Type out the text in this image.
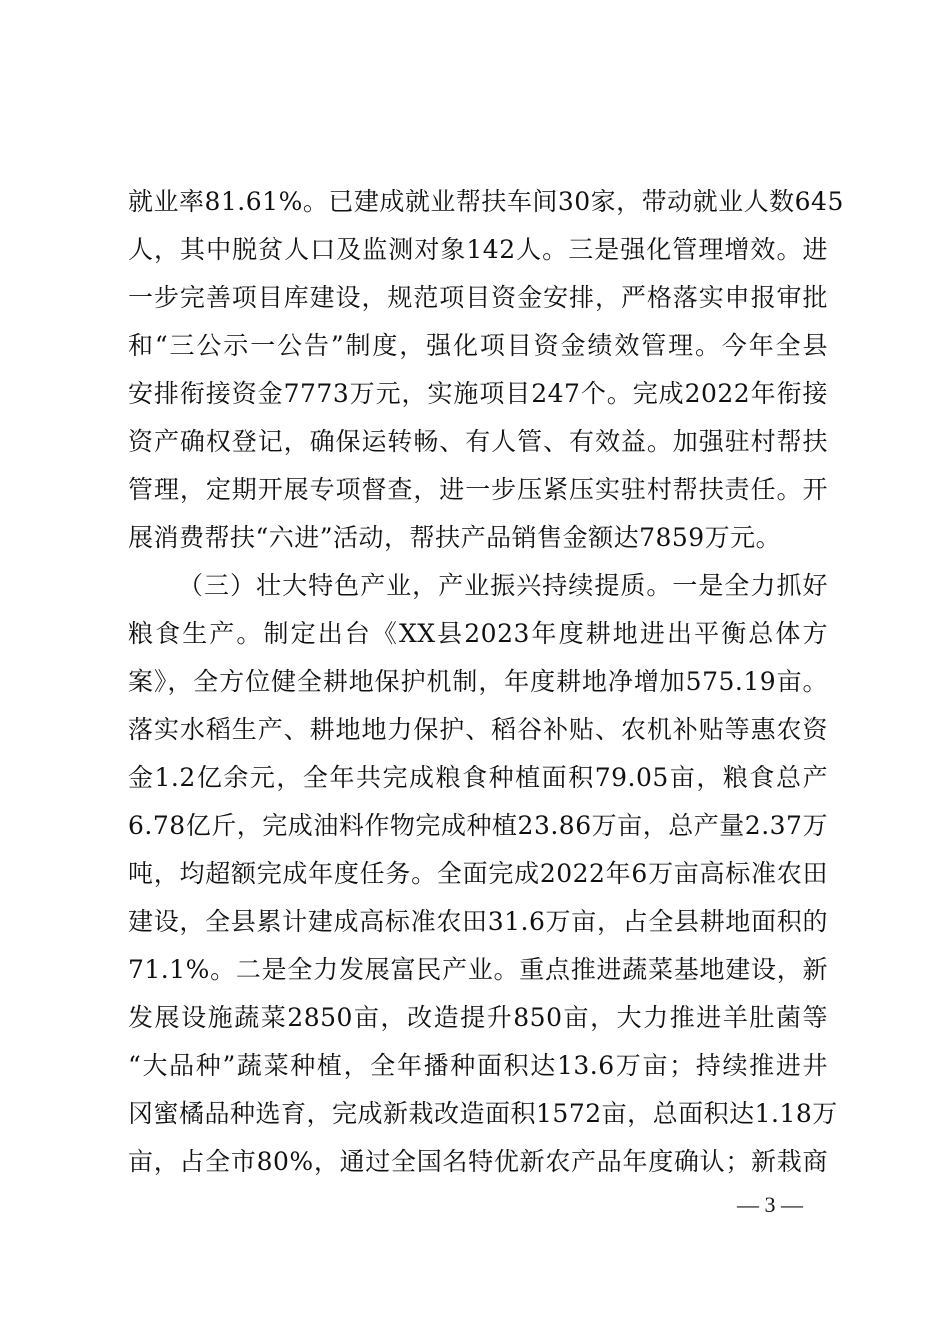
就业率81.61%。已建成就业帮扶车间30家，带动就业人数645
人，其中脱贫人口及监测对象142人。三是强化管理增效。进
一步完善项目库建设，规范项目资金安排，严格落实申报审批
和“三公示一公告”制度，强化项目资金绩效管理。今年全县
安排衔接资金7773万元，实施项目247个。完成2022年衔接
资产确权登记，确保运转畅、有人管、有效益。加强驻村帮扶
管理，定期开展专项督查，进一步压紧压实驻村帮扶责任。开
展消费帮扶“六进”活动，帮扶产品销售金额达7859万元。
（三）壮大特色产业，产业振兴持续提质。一是全力抓好
粮食生产。制定出台《XX县2023年度耕地进出平衡总体方
案》，全方位健全耕地保护机制，年度耕地净增加575.19亩。
落实水稻生产、耕地地力保护、稻谷补贴、农机补贴等惠农资
金1.2亿余元，全年共完成粮食种植面积79.05亩，粮食总产
6.78亿斤，完成油料作物完成种植23.86万亩，总产量2.37万
吨，均超额完成年度任务。全面完成2022年6万亩高标准农田
建设，全县累计建成高标准农田31.6万亩，占全县耕地面积的
71.1%。二是全力发展富民产业。重点推进蔬菜基地建设，新
发展设施蔬菜2850亩，改造提升850亩，大力推进羊肚菌等
“大品种”蔬菜种植，全年播种面积达13.6万亩；持续推进井
冈蜜橘品种选育，完成新栽改造面积1572亩，总面积达1.18万
亩，占全市80%，通过全国名特优新农产品年度确认；新栽商
— 3 —
